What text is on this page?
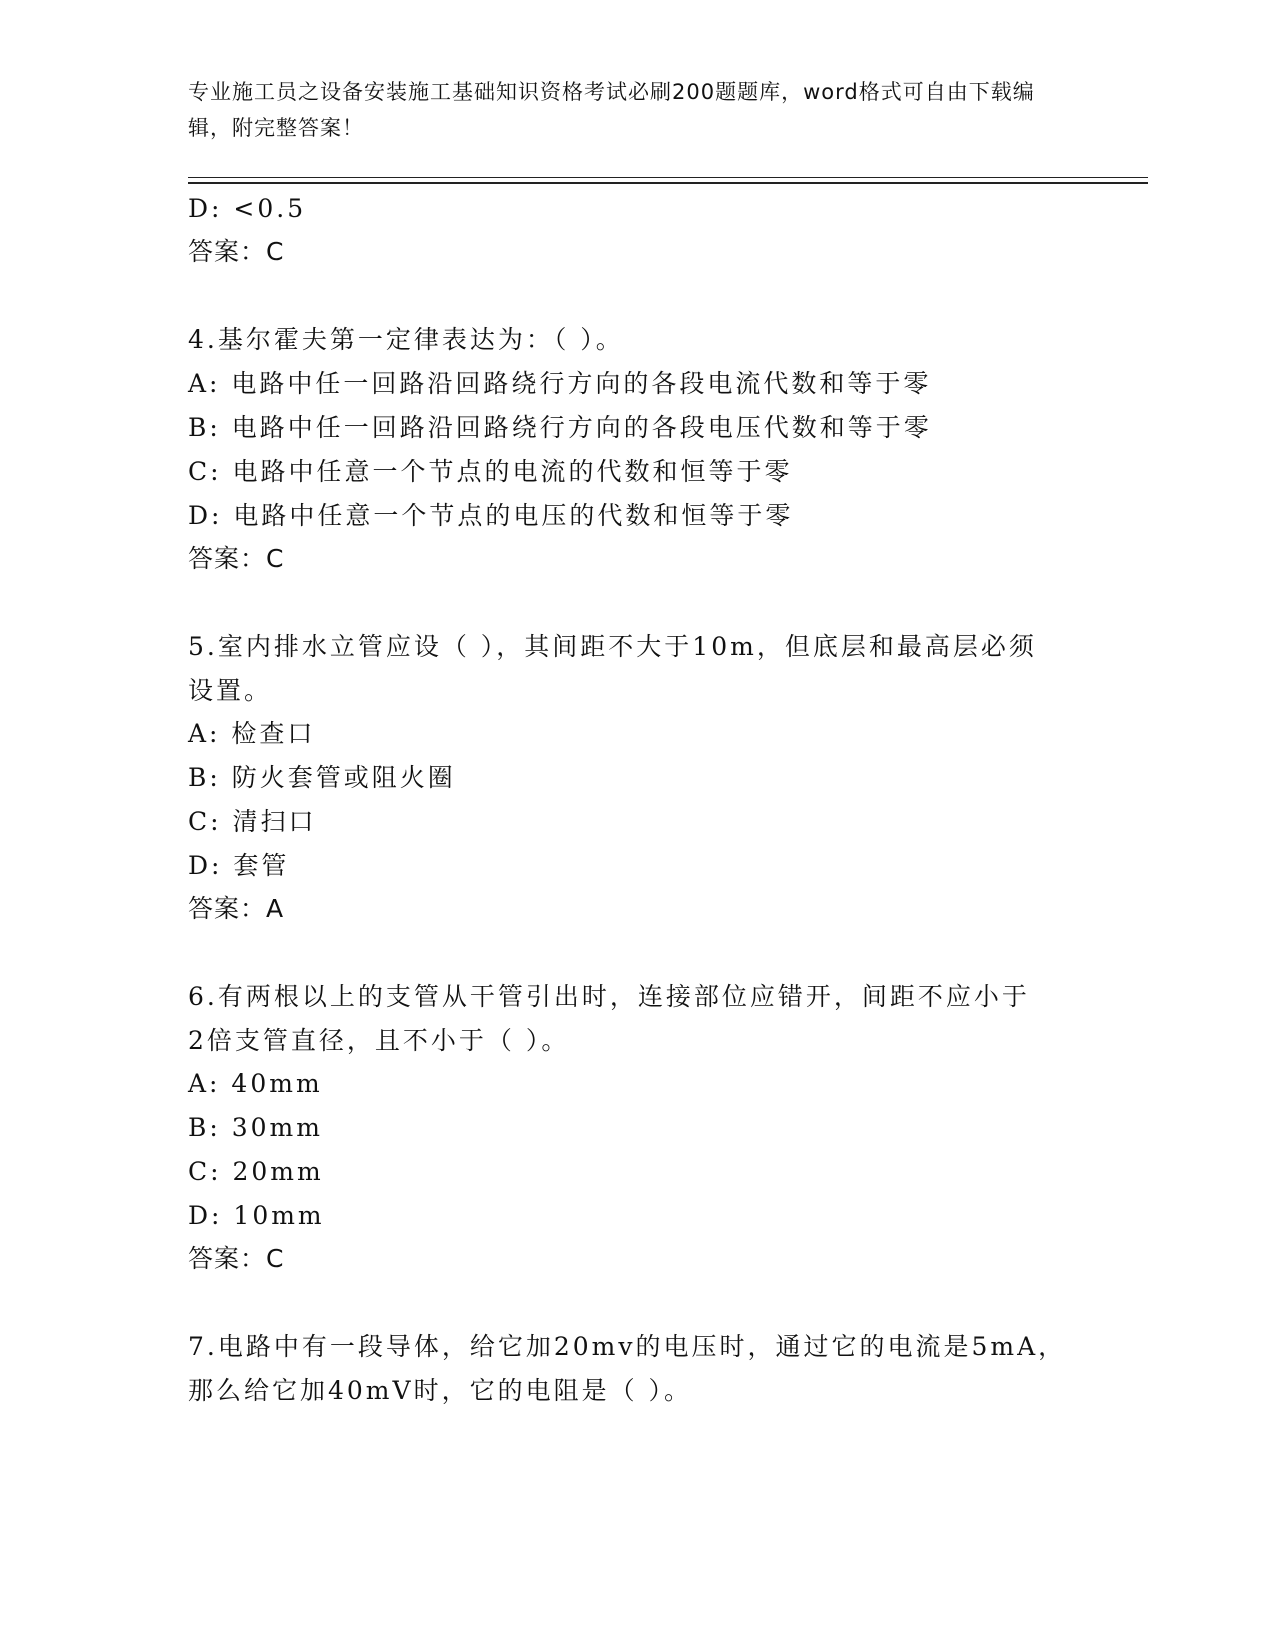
专业施工员之设备安装施工基础知识资格考试必刷200题题库，word格式可自由下载编辑，附完整答案！
D: <0.5
答案：C
4.基尔霍夫第一定律表达为：（ ）。
A: 电路中任一回路沿回路绕行方向的各段电流代数和等于零
B: 电路中任一回路沿回路绕行方向的各段电压代数和等于零
C: 电路中任意一个节点的电流的代数和恒等于零
D: 电路中任意一个节点的电压的代数和恒等于零
答案：C
5.室内排水立管应设（ ），其间距不大于10m，但底层和最高层必须
设置。
A: 检查口
B: 防火套管或阻火圈
C: 清扫口
D: 套管
答案：A
6.有两根以上的支管从干管引出时，连接部位应错开，间距不应小于
2倍支管直径，且不小于（ ）。
A: 40mm
B: 30mm
C: 20mm
D: 10mm
答案：C
7.电路中有一段导体，给它加20mv的电压时，通过它的电流是5mA，
那么给它加40mV时，它的电阻是（ ）。
